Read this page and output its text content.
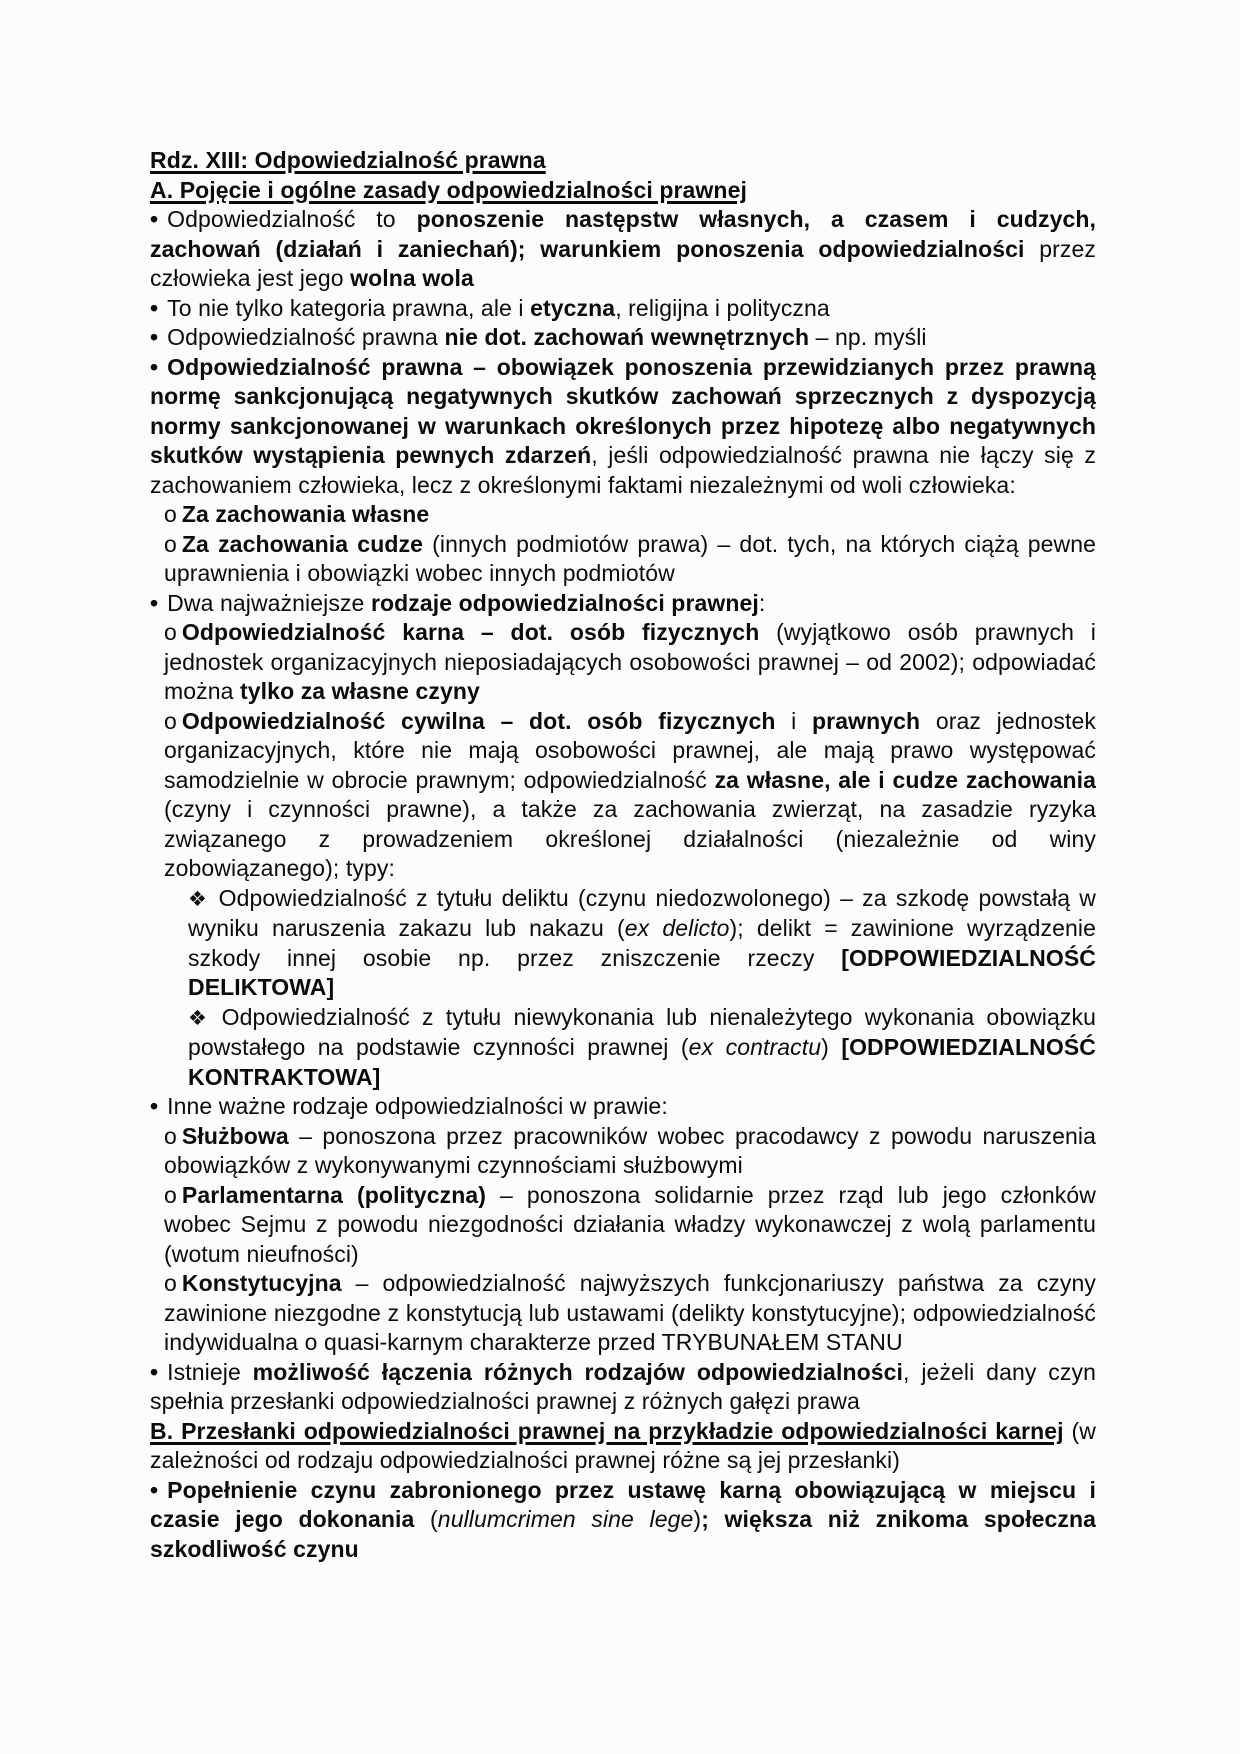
Rdz. XIII: Odpowiedzialność prawna
A. Pojęcie i ogólne zasady odpowiedzialności prawnej
• Odpowiedzialność to ponoszenie następstw własnych, a czasem i cudzych, zachowań (działań i zaniechań); warunkiem ponoszenia odpowiedzialności przez człowieka jest jego wolna wola
• To nie tylko kategoria prawna, ale i etyczna, religijna i polityczna
• Odpowiedzialność prawna nie dot. zachowań wewnętrznych – np. myśli
• Odpowiedzialność prawna – obowiązek ponoszenia przewidzianych przez prawną normę sankcjonującą negatywnych skutków zachowań sprzecznych z dyspozycją normy sankcjonowanej w warunkach określonych przez hipotezę albo negatywnych skutków wystąpienia pewnych zdarzeń, jeśli odpowiedzialność prawna nie łączy się z zachowaniem człowieka, lecz z określonymi faktami niezależnymi od woli człowieka:
o Za zachowania własne
o Za zachowania cudze (innych podmiotów prawa) – dot. tych, na których ciążą pewne uprawnienia i obowiązki wobec innych podmiotów
• Dwa najważniejsze rodzaje odpowiedzialności prawnej:
o Odpowiedzialność karna – dot. osób fizycznych (wyjątkowo osób prawnych i jednostek organizacyjnych nieposiadających osobowości prawnej – od 2002); odpowiadać można tylko za własne czyny
o Odpowiedzialność cywilna – dot. osób fizycznych i prawnych oraz jednostek organizacyjnych, które nie mają osobowości prawnej, ale mają prawo występować samodzielnie w obrocie prawnym; odpowiedzialność za własne, ale i cudze zachowania (czyny i czynności prawne), a także za zachowania zwierząt, na zasadzie ryzyka związanego z prowadzeniem określonej działalności (niezależnie od winy zobowiązanego); typy:
❖ Odpowiedzialność z tytułu deliktu (czynu niedozwolonego) – za szkodę powstałą w wyniku naruszenia zakazu lub nakazu (ex delicto); delikt = zawinione wyrządzenie szkody innej osobie np. przez zniszczenie rzeczy [ODPOWIEDZIALNOŚĆ DELIKTOWA]
❖ Odpowiedzialność z tytułu niewykonania lub nienależytego wykonania obowiązku powstałego na podstawie czynności prawnej (ex contractu) [ODPOWIEDZIALNOŚĆ KONTRAKTOWA]
• Inne ważne rodzaje odpowiedzialności w prawie:
o Służbowa – ponoszona przez pracowników wobec pracodawcy z powodu naruszenia obowiązków z wykonywanymi czynnościami służbowymi
o Parlamentarna (polityczna) – ponoszona solidarnie przez rząd lub jego członków wobec Sejmu z powodu niezgodności działania władzy wykonawczej z wolą parlamentu (wotum nieufności)
o Konstytucyjna – odpowiedzialność najwyższych funkcjonariuszy państwa za czyny zawinione niezgodne z konstytucją lub ustawami (delikty konstytucyjne); odpowiedzialność indywidualna o quasi-karnym charakterze przed TRYBUNAŁEM STANU
• Istnieje możliwość łączenia różnych rodzajów odpowiedzialności, jeżeli dany czyn spełnia przesłanki odpowiedzialności prawnej z różnych gałęzi prawa
B. Przesłanki odpowiedzialności prawnej na przykładzie odpowiedzialności karnej (w zależności od rodzaju odpowiedzialności prawnej różne są jej przesłanki)
• Popełnienie czynu zabronionego przez ustawę karną obowiązującą w miejscu i czasie jego dokonania (nullumcrimen sine lege); większa niż znikoma społeczna szkodliwość czynu
